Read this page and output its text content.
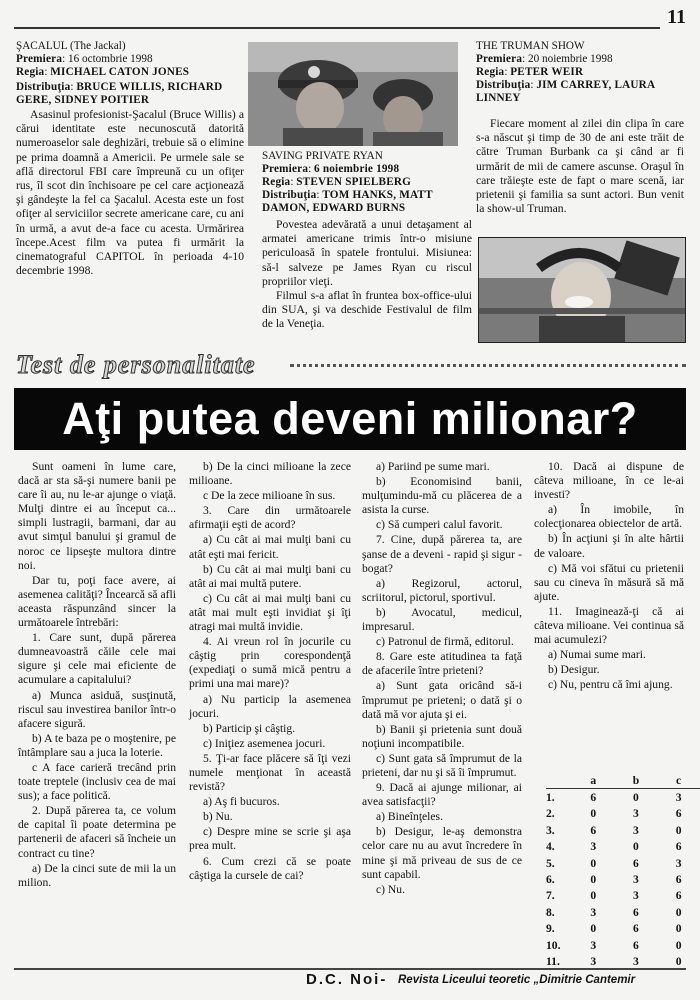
11
ŞACALUL (The Jackal)
Premiera: 16 octombrie 1998
Regia: MICHAEL CATON JONES
Distribuţia: BRUCE WILLIS, RICHARD GERE, SIDNEY POITIER

Asasinul profesionist-Şacalul (Bruce Willis) a cărui identitate este necunoscută datorită numeroaselor sale deghizări, trebuie să o elimine pe prima doamnă a Americii. Pe urmele sale se află directorul FBI care împreună cu un ofiţer rus, îl scot din închisoare pe cel care acţionează şi gândeşte la fel ca Şacalul. Acesta este un fost ofiţer al serviciilor secrete americane care, cu ani în urmă, a avut de-a face cu acesta. Urmărirea începe.Acest film va putea fi urmărit la cinematograful CAPITOL în perioada 4-10 decembrie 1998.

SAVING PRIVATE RYAN
Premiera: 6 noiembrie 1998
Regia: STEVEN SPIELBERG
Distribuţia: TOM HANKS, MATT DAMON, EDWARD BURNS

Povestea adevărată a unui detaşament al armatei americane trimis într-o misiune periculoasă în spatele frontului. Misiunea: să-l salveze pe James Ryan cu riscul propriilor vieţi.

Filmul s-a aflat în fruntea box-office-ului din SUA, şi va deschide Festivalul de film de la Veneţia.

THE TRUMAN SHOW
Premiera: 20 noiembrie 1998
Regia: PETER WEIR
Distribuţia: JIM CARREY, LAURA LINNEY

Fiecare moment al zilei din clipa în care s-a născut şi timp de 30 de ani este trăit de către Truman Burbank ca şi când ar fi urmărit de mii de camere ascunse. Oraşul în care trăieşte este de fapt o mare scenă, iar prietenii şi familia sa sunt actori. Bun venit la show-ul Truman.

Test de personalitate
Aţi putea deveni milionar?

Sunt oameni în lume care, dacă ar sta să-şi numere banii pe care îi au, nu le-ar ajunge o viaţă. Mulţi dintre ei au început ca... simpli lustragii, barmani, dar au avut simţul banului şi gramul de noroc ce lipseşte multora dintre noi.

Dar tu, poţi face avere, ai asemenea calităţi? Încearcă să afli aceasta răspunzând sincer la următoarele întrebări:

1. Care sunt, după părerea dumneavoastră căile cele mai sigure şi cele mai eficiente de acumulare a capitalului?

a) Munca asiduă, susţinută, riscul sau investirea banilor într-o afacere sigură.

b) A te baza pe o moştenire, pe întâmplare sau a juca la loterie.

c A face carieră trecând prin toate treptele (inclusiv cea de mai sus); a face politică.

2. După părerea ta, ce volum de capital îi poate determina pe partenerii de afaceri să încheie un contract cu tine?

a) De la cinci sute de mii la un milion.

b) De la cinci milioane la zece milioane.

c De la zece milioane în sus.

3. Care din următoarele afirmaţii eşti de acord?

a) Cu cât ai mai mulţi bani cu atât eşti mai fericit.

b) Cu cât ai mai mulţi bani cu atât ai mai multă putere.

c) Cu cât ai mai mulţi bani cu atât mai mult eşti invidiat şi îţi atragi mai multă invidie.

4. Ai vreun rol în jocurile cu câştig prin corespondenţă (expediaţi o sumă mică pentru a primi una mai mare)?

a) Nu particip la asemenea jocuri.

b) Particip şi câştig.

c) Iniţiez asemenea jocuri.

5. Ţi-ar face plăcere să îţi vezi numele menţionat în această revistă?

a) Aş fi bucuros.

b) Nu.

c) Despre mine se scrie şi aşa prea mult.

6. Cum crezi că se poate câştiga la cursele de cai?

a) Pariind pe sume mari.

b) Economisind banii, mulţumindu-mă cu plăcerea de a asista la curse.

c) Să cumperi calul favorit.

7. Cine, după părerea ta, are şanse de a deveni - rapid şi sigur - bogat?

a) Regizorul, actorul, scriitorul, pictorul, sportivul.

b) Avocatul, medicul, impresarul.

c) Patronul de firmă, editorul.

8. Gare este atitudinea ta faţă de afacerile între prieteni?

a) Sunt gata oricând să-i împrumut pe prieteni; o dată şi o dată mă vor ajuta şi ei.

b) Banii şi prietenia sunt două noţiuni incompatibile.

c) Sunt gata să împrumut de la prieteni, dar nu şi să îi împrumut.

9. Dacă ai ajunge milionar, ai avea satisfacţii?

a) Bineînţeles.

b) Desigur, le-aş demonstra celor care nu au avut încredere în mine şi mă priveau de sus de ce sunt capabil.

c) Nu.

10. Dacă ai dispune de câteva milioane, în ce le-ai investi?

a) În imobile, în colecţionarea obiectelor de artă.

b) În acţiuni şi în alte hârtii de valoare.

c) Mă voi sfătui cu prietenii sau cu cineva în măsură să mă ajute.

11. Imaginează-ţi că ai câteva milioane. Vei continua să mai acumulezi?

a) Numai sume mari.

b) Desigur.

c) Nu, pentru că îmi ajung.

	a	b	c
1.	6	0	3
2.	0	3	6
3.	6	3	0
4.	3	0	6
5.	0	6	3
6.	0	3	6
7.	0	3	6
8.	3	6	0
9.	0	6	0
10.	3	6	0
11.	3	3	0
D.C. Noi- Revista Liceului teoretic „Dimitrie Cantemir
